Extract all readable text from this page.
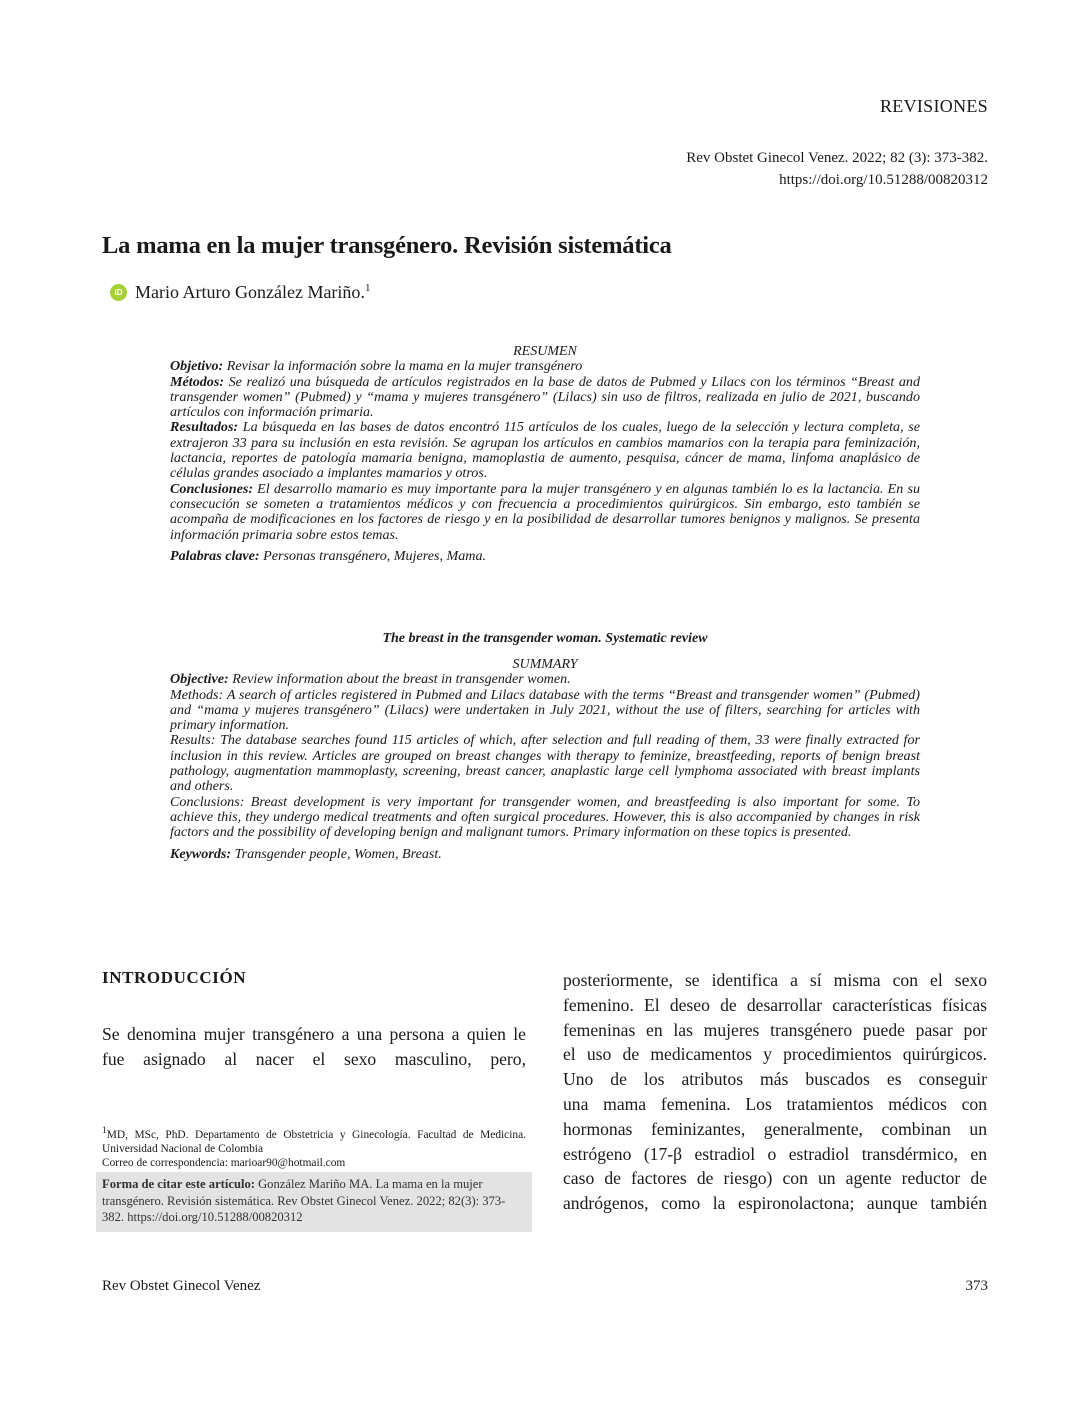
REVISIONES
Rev Obstet Ginecol Venez. 2022; 82 (3): 373-382.
https://doi.org/10.51288/00820312
La mama en la mujer transgénero. Revisión sistemática
iD Mario Arturo González Mariño.$^1$

RESUMEN

Objetivo: Revisar la información sobre la mama en la mujer transgénero

Métodos: Se realizó una búsqueda de artículos registrados en la base de datos de Pubmed y Lilacs con los términos “Breast and transgender women” (Pubmed) y “mama y mujeres transgénero” (Lilacs) sin uso de filtros, realizada en julio de 2021, buscando artículos con información primaria.

Resultados: La búsqueda en las bases de datos encontró 115 artículos de los cuales, luego de la selección y lectura completa, se extrajeron 33 para su inclusión en esta revisión. Se agrupan los artículos en cambios mamarios con la terapia para feminización, lactancia, reportes de patología mamaria benigna, mamoplastia de aumento, pesquisa, cáncer de mama, linfoma anaplásico de células grandes asociado a implantes mamarios y otros.

Conclusiones: El desarrollo mamario es muy importante para la mujer transgénero y en algunas también lo es la lactancia. En su consecución se someten a tratamientos médicos y con frecuencia a procedimientos quirúrgicos. Sin embargo, esto también se acompaña de modificaciones en los factores de riesgo y en la posibilidad de desarrollar tumores benignos y malignos. Se presenta información primaria sobre estos temas.

Palabras clave: Personas transgénero, Mujeres, Mama.

The breast in the transgender woman. Systematic review

SUMMARY

Objective: Review information about the breast in transgender women.

Methods: A search of articles registered in Pubmed and Lilacs database with the terms “Breast and transgender women” (Pubmed) and “mama y mujeres transgénero” (Lilacs) were undertaken in July 2021, without the use of filters, searching for articles with primary information.

Results: The database searches found 115 articles of which, after selection and full reading of them, 33 were finally extracted for inclusion in this review. Articles are grouped on breast changes with therapy to feminize, breastfeeding, reports of benign breast pathology, augmentation mammoplasty, screening, breast cancer, anaplastic large cell lymphoma associated with breast implants and others.

Conclusions: Breast development is very important for transgender women, and breastfeeding is also important for some. To achieve this, they undergo medical treatments and often surgical procedures. However, this is also accompanied by changes in risk factors and the possibility of developing benign and malignant tumors. Primary information on these topics is presented.

Keywords: Transgender people, Women, Breast.

INTRODUCCIÓN
Se denomina mujer transgénero a una persona a quien le fue asignado al nacer el sexo masculino, pero,
posteriormente, se identifica a sí misma con el sexo
femenino. El deseo de desarrollar características físicas
femeninas en las mujeres transgénero puede pasar por
el uso de medicamentos y procedimientos quirúrgicos.
Uno de los atributos más buscados es conseguir
una mama femenina. Los tratamientos médicos con
hormonas feminizantes, generalmente, combinan un
estrógeno (17-β estradiol o estradiol transdérmico, en
caso de factores de riesgo) con un agente reductor de
andrógenos, como la espironolactona; aunque también

$^1$MD, MSc, PhD. Departamento de Obstetricia y Ginecología. Facultad de Medicina. Universidad Nacional de Colombia

Correo de correspondencia: marioar90@hotmail.com

Forma de citar este artículo: González Mariño MA. La mama en la mujer transgénero. Revisión sistemática. Rev Obstet Ginecol Venez. 2022; 82(3): 373-382. https://doi.org/10.51288/00820312
Rev Obstet Ginecol Venez	373
